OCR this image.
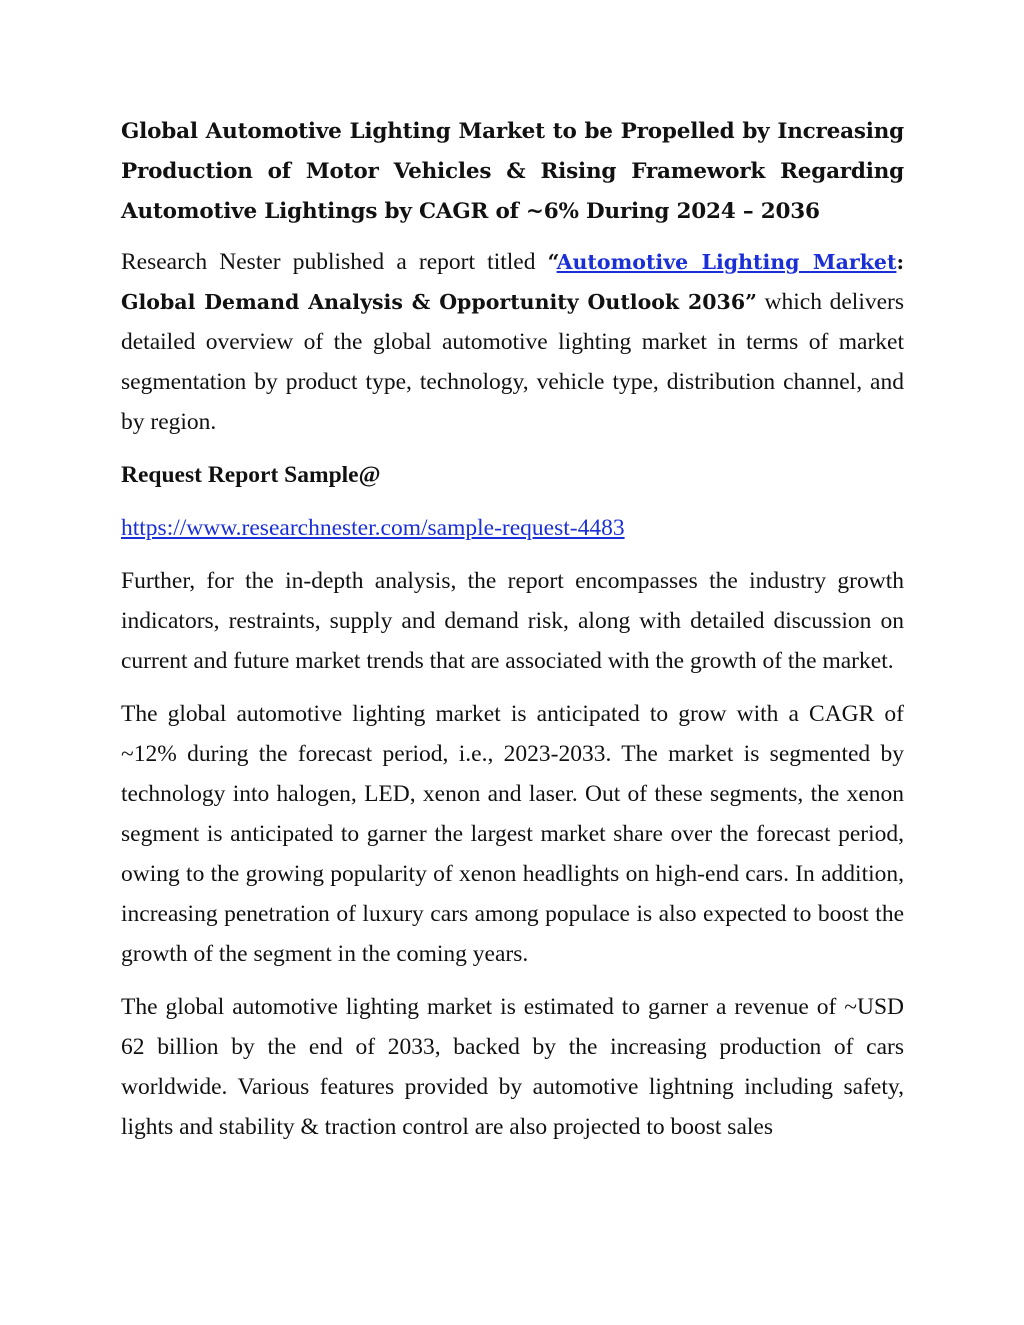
Global Automotive Lighting Market to be Propelled by Increasing Production of Motor Vehicles & Rising Framework Regarding Automotive Lightings by CAGR of ~6% During 2024 – 2036
Research Nester published a report titled “Automotive Lighting Market: Global Demand Analysis & Opportunity Outlook 2036” which delivers detailed overview of the global automotive lighting market in terms of market segmentation by product type, technology, vehicle type, distribution channel, and by region.
Request Report Sample@
https://www.researchnester.com/sample-request-4483
Further, for the in-depth analysis, the report encompasses the industry growth indicators, restraints, supply and demand risk, along with detailed discussion on current and future market trends that are associated with the growth of the market.
The global automotive lighting market is anticipated to grow with a CAGR of ~12% during the forecast period, i.e., 2023-2033. The market is segmented by technology into halogen, LED, xenon and laser. Out of these segments, the xenon segment is anticipated to garner the largest market share over the forecast period, owing to the growing popularity of xenon headlights on high-end cars. In addition, increasing penetration of luxury cars among populace is also expected to boost the growth of the segment in the coming years.
The global automotive lighting market is estimated to garner a revenue of ~USD 62 billion by the end of 2033, backed by the increasing production of cars worldwide. Various features provided by automotive lightning including safety, lights and stability & traction control are also projected to boost sales
